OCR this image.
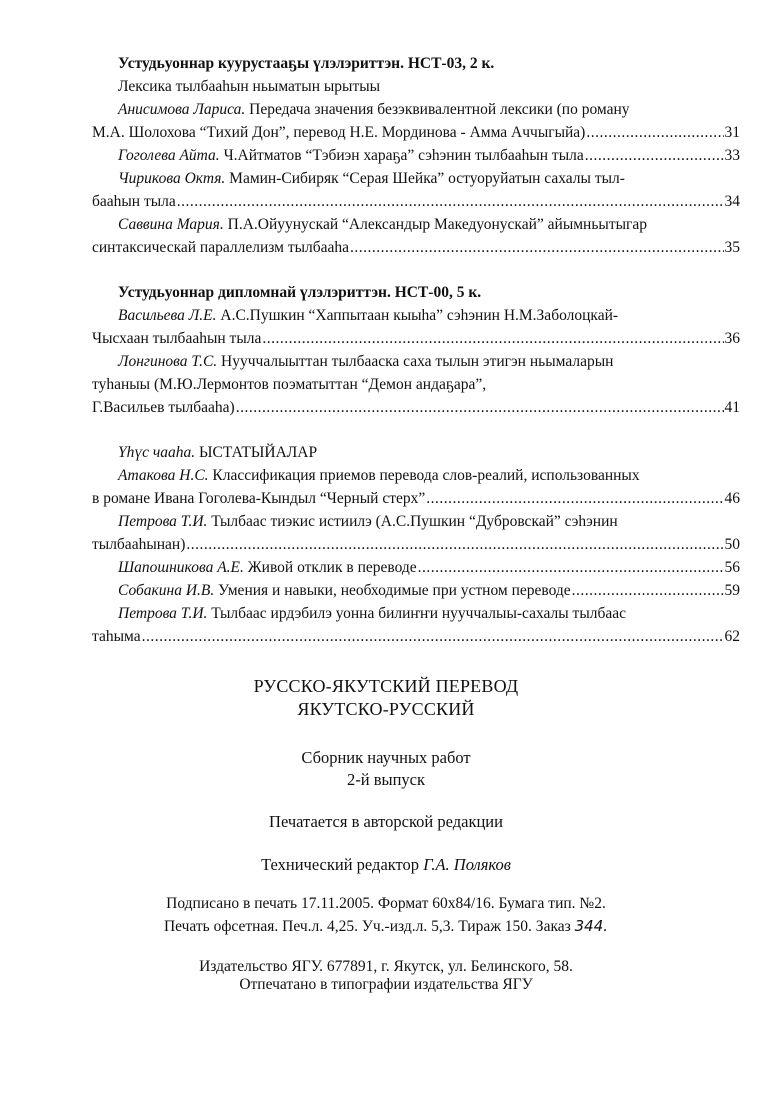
Устудьуоннар куурустааҕы үлэлэриттэн. НСТ-03, 2 к.
Лексика тылбааһын ньыматын ырытыы
Анисимова Лариса. Передача значения безэквивалентной лексики (по роману
М.А. Шолохова “Тихий Дон”, перевод Н.Е. Мординова - Амма Аччыгыйа) .....	31
Гоголева Айта. Ч.Айтматов “Тэбиэн хараҕа” сэһэнин тылбааһын тыла .....	33
Чирикова Октя. Мамин-Сибиряк “Серая Шейка” остуоруйатын сахалы тыл-
бааһын тыла .....	34
Саввина Мария. П.А.Ойуунускай “Александыр Македуонускай” айымньытыгар
синтаксическай параллелизм тылбааһа .....	35
Устудьуоннар дипломнай үлэлэриттэн. НСТ-00, 5 к.
Васильева Л.Е. А.С.Пушкин “Хаппытаан кыыһа” сэһэнин Н.М.Заболоцкай-
Чысхаан тылбааһын тыла .....	36
Лонгинова Т.С. Нууччалыыттан тылбааска саха тылын этигэн ньымаларын
туһаныы (М.Ю.Лермонтов поэматыттан “Демон андаҕара”,
Г.Васильев тылбааһа) .....	41
Үһүс чааһа. ЫСТАТЫЙАЛАР
Атакова Н.С. Классификация приемов перевода слов-реалий, использованных
в романе Ивана Гоголева-Кындыл “Черный стерх” .....	46
Петрова Т.И. Тылбаас тиэкис истиилэ (А.С.Пушкин “Дубровскай” сэһэнин
тылбааһынан) .....	50
Шапошникова А.Е. Живой отклик в переводе .....	56
Собакина И.В. Умения и навыки, необходимые при устном переводе .....	59
Петрова Т.И. Тылбаас ирдэбилэ уонна билиҥҥи нууччалыы-сахалы тылбаас
таһыма .....	62
РУССКО-ЯКУТСКИЙ ПЕРЕВОД
ЯКУТСКО-РУССКИЙ
Сборник научных работ
2-й выпуск
Печатается в авторской редакции
Технический редактор Г.А. Поляков
Подписано в печать 17.11.2005. Формат 60x84/16. Бумага тип. №2.
Печать офсетная. Печ.л. 4,25. Уч.-изд.л. 5,3. Тираж 150. Заказ 344.
Издательство ЯГУ. 677891, г. Якутск, ул. Белинского, 58.
Отпечатано в типографии издательства ЯГУ
